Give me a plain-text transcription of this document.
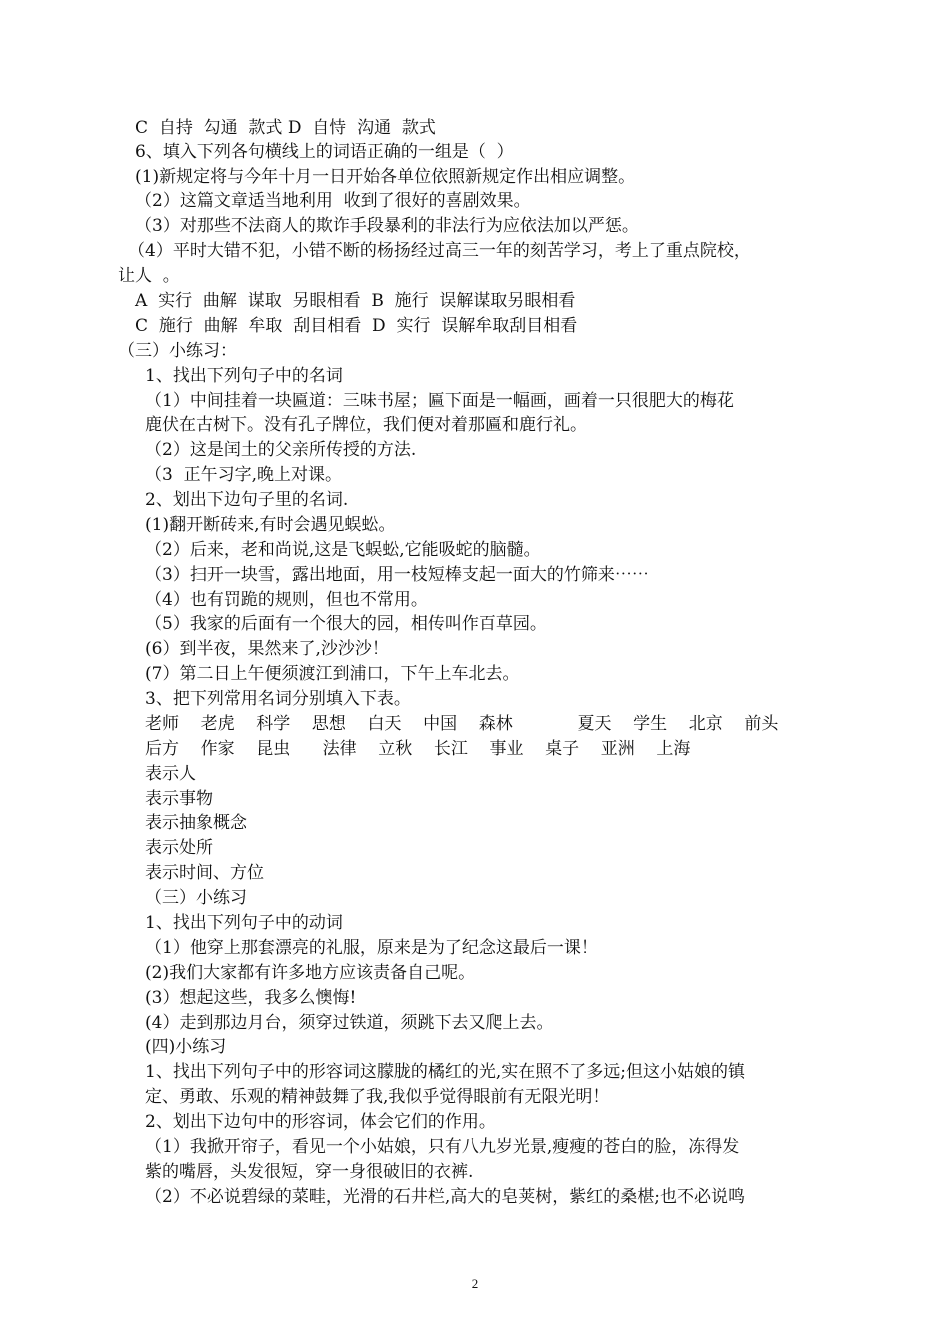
C  自持  勾通  款式 D  自恃  沟通  款式
6、填入下列各句横线上的词语正确的一组是（  ）
(1)新规定将与今年十月一日开始各单位依照新规定作出相应调整。
（2）这篇文章适当地利用  收到了很好的喜剧效果。
（3）对那些不法商人的欺诈手段暴利的非法行为应依法加以严惩。
（4）平时大错不犯，小错不断的杨扬经过高三一年的刻苦学习，考上了重点院校，
让人  。
A  实行  曲解  谋取  另眼相看  B  施行  误解谋取另眼相看
C  施行  曲解  牟取  刮目相看  D  实行  误解牟取刮目相看
（三）小练习：
1、找出下列句子中的名词
（1）中间挂着一块匾道：三味书屋；匾下面是一幅画，画着一只很肥大的梅花
鹿伏在古树下。没有孔子牌位，我们便对着那匾和鹿行礼。
（2）这是闰土的父亲所传授的方法.
（3  正午习字,晚上对课。
2、划出下边句子里的名词.
(1)翻开断砖来,有时会遇见蜈蚣。
（2）后来，老和尚说,这是飞蜈蚣,它能吸蛇的脑髓。
（3）扫开一块雪，露出地面，用一枝短棒支起一面大的竹筛来⋯⋯
（4）也有罚跪的规则，但也不常用。
（5）我家的后面有一个很大的园，相传叫作百草园。
(6）到半夜，果然来了,沙沙沙！
(7）第二日上午便须渡江到浦口，下午上车北去。
3、把下列常用名词分别填入下表。
老师    老虎    科学    思想    白天    中国    森林            夏天    学生    北京    前头
后方    作家    昆虫      法律    立秋    长江    事业    桌子    亚洲    上海
表示人
表示事物
表示抽象概念
表示处所
表示时间、方位
（三）小练习
1、找出下列句子中的动词
（1）他穿上那套漂亮的礼服，原来是为了纪念这最后一课！
(2)我们大家都有许多地方应该责备自己呢。
(3）想起这些，我多么懊悔!
(4）走到那边月台，须穿过铁道，须跳下去又爬上去。
(四)小练习
1、找出下列句子中的形容词这朦胧的橘红的光,实在照不了多远;但这小姑娘的镇
定、勇敢、乐观的精神鼓舞了我,我似乎觉得眼前有无限光明！
2、划出下边句中的形容词，体会它们的作用。
（1）我掀开帘子，看见一个小姑娘，只有八九岁光景,瘦瘦的苍白的脸，冻得发
紫的嘴唇，头发很短，穿一身很破旧的衣裤.
（2）不必说碧绿的菜畦，光滑的石井栏,高大的皂荚树，紫红的桑椹;也不必说鸣
2
